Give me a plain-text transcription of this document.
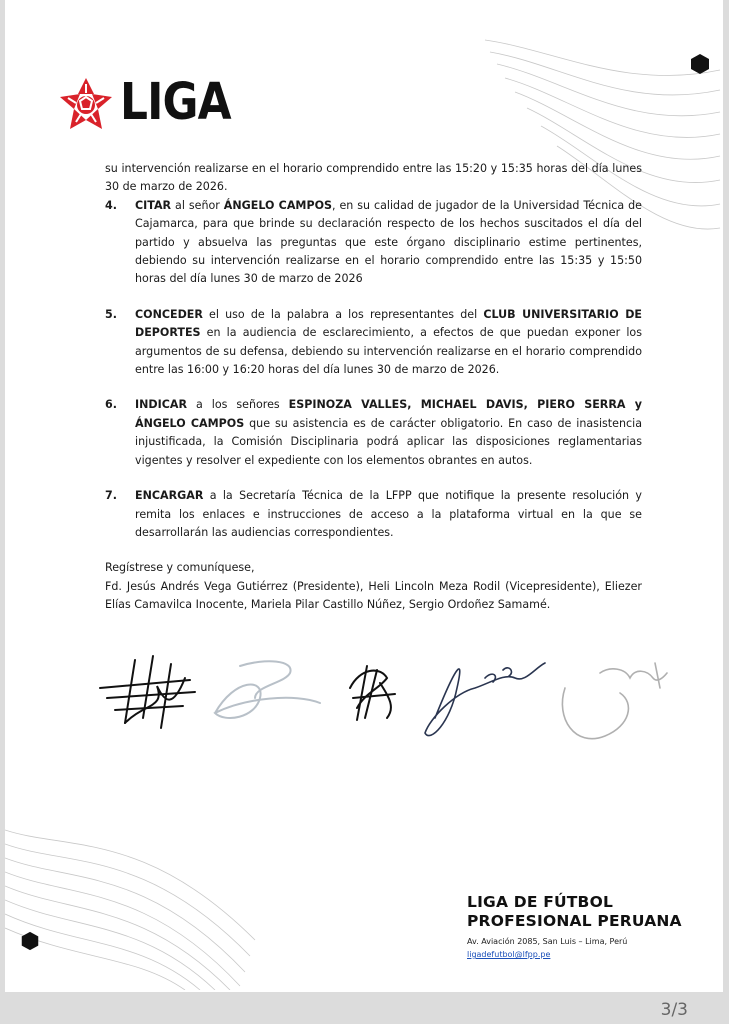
LIGA

su intervención realizarse en el horario comprendido entre las 15:20 y 15:35 horas del día lunes 30 de marzo de 2026.

4.	CITAR al señor ÁNGELO CAMPOS, en su calidad de jugador de la Universidad Técnica de Cajamarca, para que brinde su declaración respecto de los hechos suscitados el día del partido y absuelva las preguntas que este órgano disciplinario estime pertinentes, debiendo su intervención realizarse en el horario comprendido entre las 15:35 y 15:50 horas del día lunes 30 de marzo de 2026

5.	CONCEDER el uso de la palabra a los representantes del CLUB UNIVERSITARIO DE DEPORTES en la audiencia de esclarecimiento, a efectos de que puedan exponer los argumentos de su defensa, debiendo su intervención realizarse en el horario comprendido entre las 16:00 y 16:20 horas del día lunes 30 de marzo de 2026.

6.	INDICAR a los señores ESPINOZA VALLES, MICHAEL DAVIS, PIERO SERRA y ÁNGELO CAMPOS que su asistencia es de carácter obligatorio. En caso de inasistencia injustificada, la Comisión Disciplinaria podrá aplicar las disposiciones reglamentarias vigentes y resolver el expediente con los elementos obrantes en autos.

7.	ENCARGAR a la Secretaría Técnica de la LFPP que notifique la presente resolución y remita los enlaces e instrucciones de acceso a la plataforma virtual en la que se desarrollarán las audiencias correspondientes.

Regístrese y comuníquese,

Fd. Jesús Andrés Vega Gutiérrez (Presidente), Heli Lincoln Meza Rodil (Vicepresidente), Eliezer Elías Camavilca Inocente, Mariela Pilar Castillo Núñez, Sergio Ordoñez Samamé.

LIGA DE FÚTBOL
PROFESIONAL PERUANA
Av. Aviación 2085, San Luis – Lima, Perú
ligadefutbol@lfpp.pe
3/3
